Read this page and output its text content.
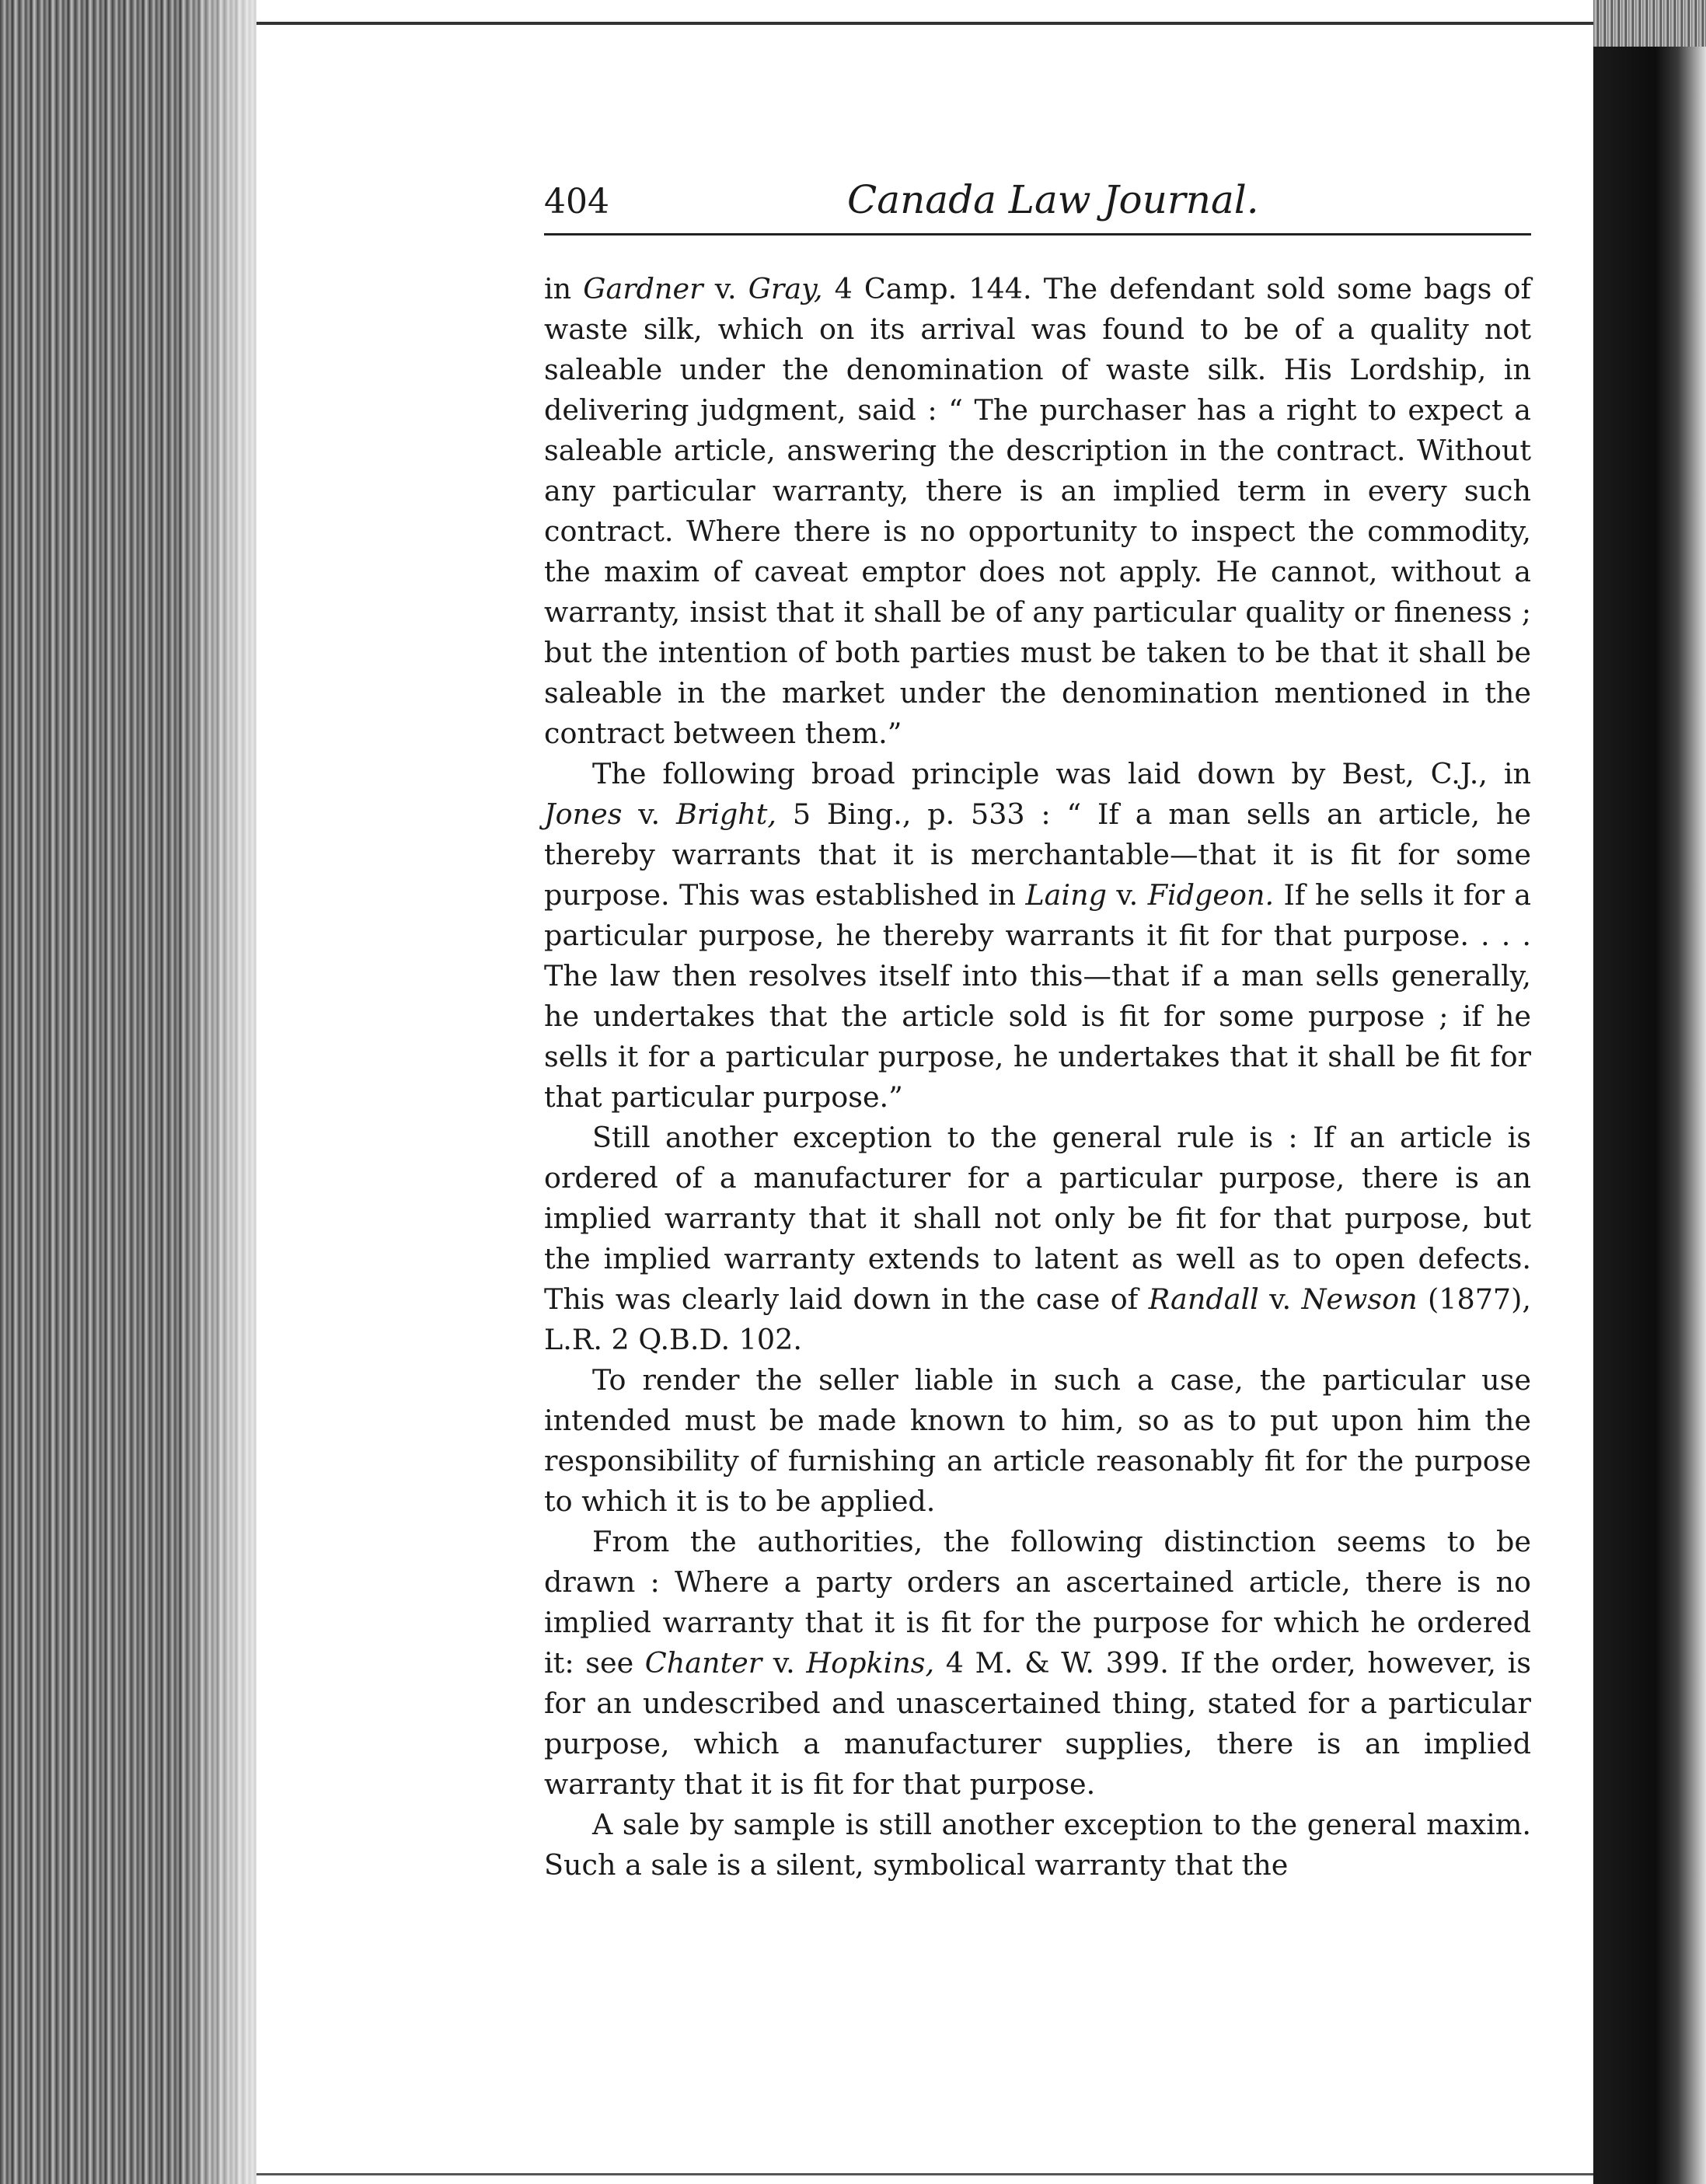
404	Canada Law Journal.

in Gardner v. Gray, 4 Camp. 144. The defendant sold some bags of waste silk, which on its arrival was found to be of a quality not saleable under the denomination of waste silk. His Lordship, in delivering judgment, said : “ The purchaser has a right to expect a saleable article, answering the description in the contract. Without any particular warranty, there is an implied term in every such contract. Where there is no opportunity to inspect the commodity, the maxim of caveat emptor does not apply. He cannot, without a warranty, insist that it shall be of any particular quality or fineness ; but the intention of both parties must be taken to be that it shall be saleable in the market under the denomination mentioned in the contract between them.”

The following broad principle was laid down by Best, C.J., in Jones v. Bright, 5 Bing., p. 533 : “ If a man sells an article, he thereby warrants that it is merchantable—that it is fit for some purpose. This was established in Laing v. Fidgeon. If he sells it for a particular purpose, he thereby warrants it fit for that purpose. . . . The law then resolves itself into this—that if a man sells generally, he undertakes that the article sold is fit for some purpose ; if he sells it for a particular purpose, he undertakes that it shall be fit for that particular purpose.”

Still another exception to the general rule is : If an article is ordered of a manufacturer for a particular purpose, there is an implied warranty that it shall not only be fit for that purpose, but the implied warranty extends to latent as well as to open defects. This was clearly laid down in the case of Randall v. Newson (1877), L.R. 2 Q.B.D. 102.

To render the seller liable in such a case, the particular use intended must be made known to him, so as to put upon him the responsibility of furnishing an article reasonably fit for the purpose to which it is to be applied.

From the authorities, the following distinction seems to be drawn : Where a party orders an ascertained article, there is no implied warranty that it is fit for the purpose for which he ordered it: see Chanter v. Hopkins, 4 M. & W. 399. If the order, however, is for an undescribed and unascertained thing, stated for a particular purpose, which a manufacturer supplies, there is an implied warranty that it is fit for that purpose.

A sale by sample is still another exception to the general maxim. Such a sale is a silent, symbolical warranty that the
